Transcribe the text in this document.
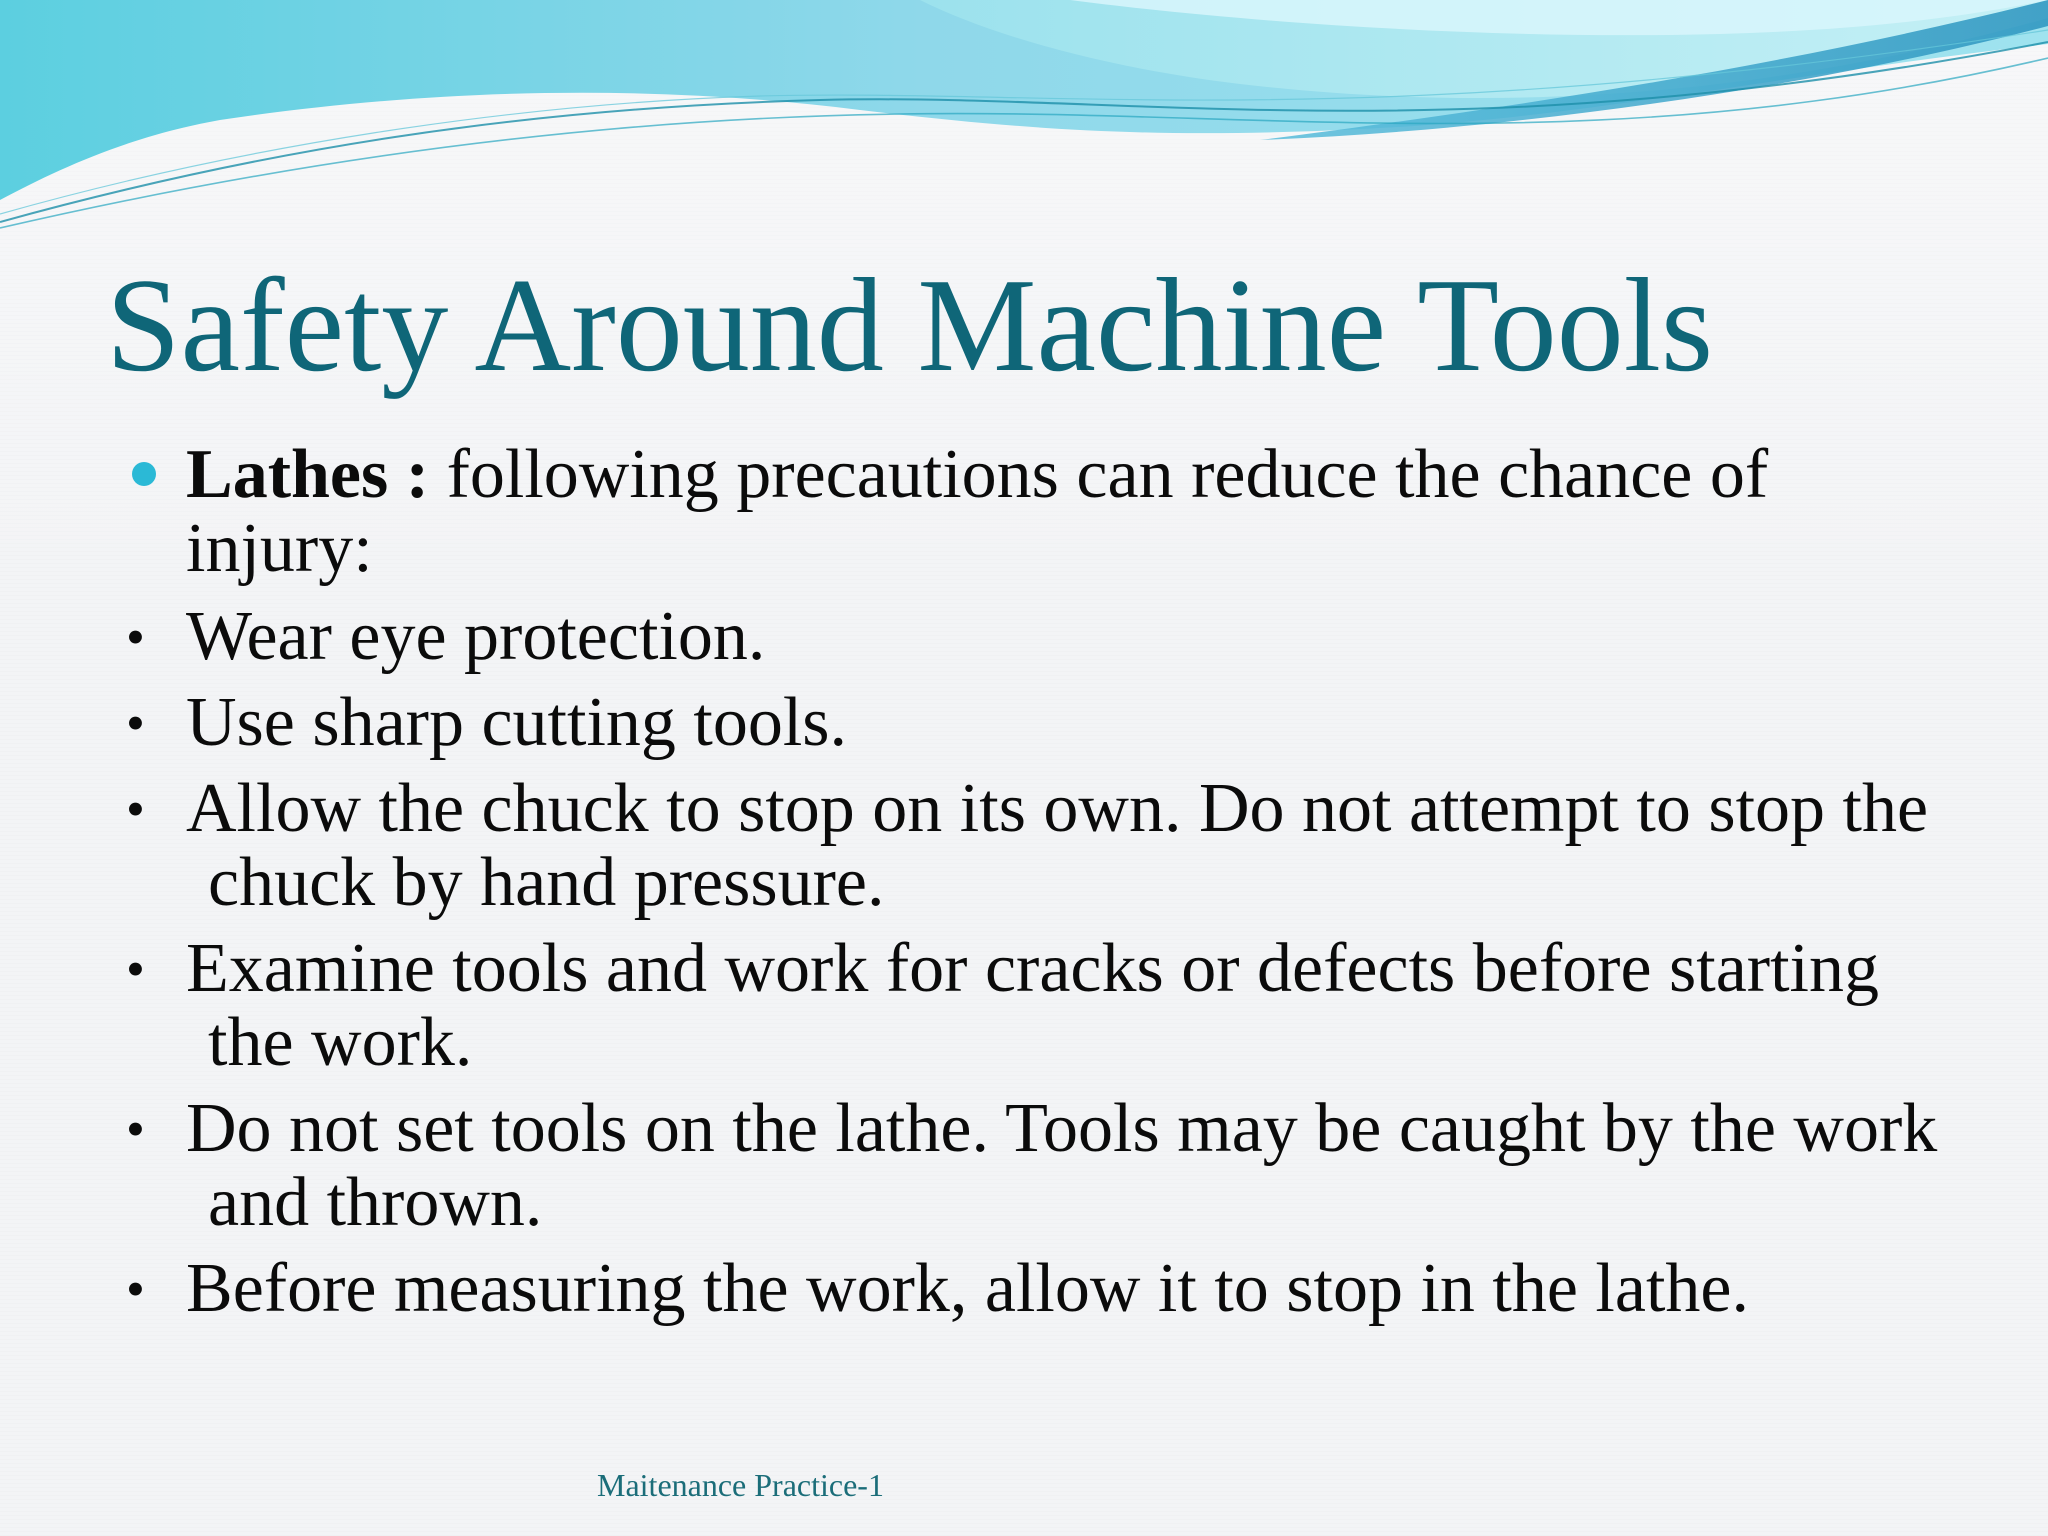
Safety Around Machine Tools

Lathes : following precautions can reduce the chance of injury:

• Wear eye protection.

• Use sharp cutting tools.

• Allow the chuck to stop on its own. Do not attempt to stop the chuck by hand pressure.

• Examine tools and work for cracks or defects before starting the work.

• Do not set tools on the lathe. Tools may be caught by the work and thrown.

• Before measuring the work, allow it to stop in the lathe.

Maitenance Practice-1
